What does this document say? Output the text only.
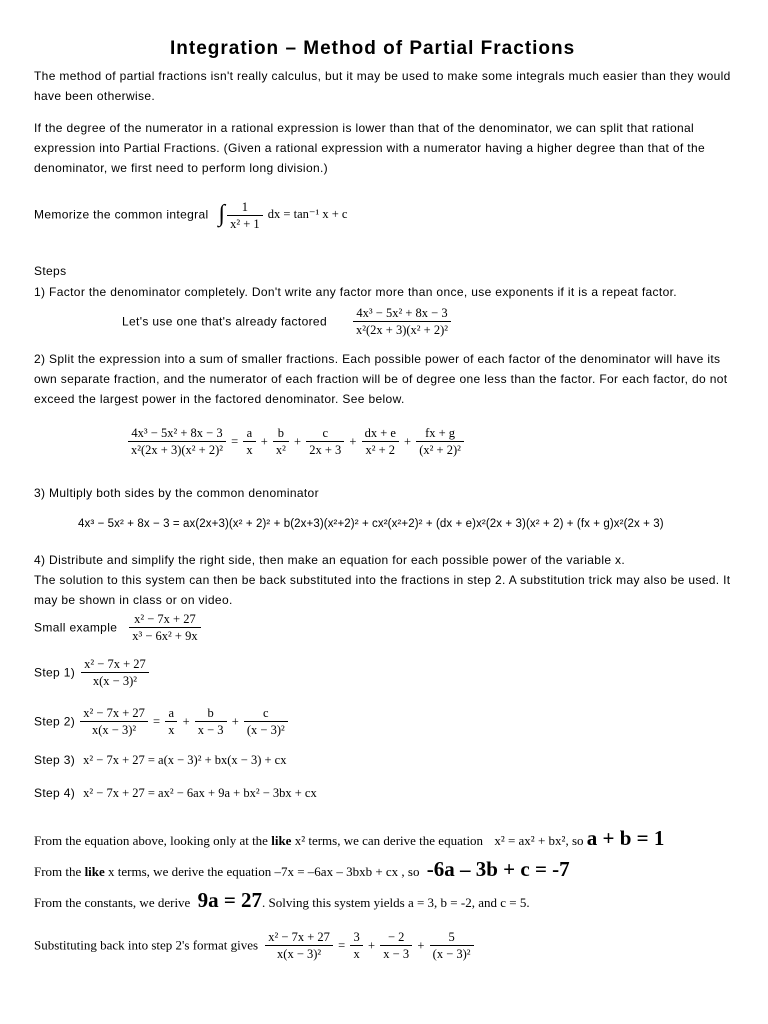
Integration – Method of Partial Fractions
The method of partial fractions isn't really calculus, but it may be used to make some integrals much easier than they would have been otherwise.
If the degree of the numerator in a rational expression is lower than that of the denominator, we can split that rational expression into Partial Fractions. (Given a rational expression with a numerator having a higher degree than that of the denominator, we first need to perform long division.)
Memorize the common integral ∫ $\frac{1}{\text{x² + 1}}$ dx = tan⁻¹ x + c
Steps
1) Factor the denominator completely. Don't write any factor more than once, use exponents if it is a repeat factor.
Let's use one that's already factored $\frac{\text{4x³ − 5x² + 8x − 3}}{\text{x²(2x + 3)(x² + 2)²}}$
2) Split the expression into a sum of smaller fractions. Each possible power of each factor of the denominator will have its own separate fraction, and the numerator of each fraction will be of degree one less than the factor. For each factor, do not exceed the largest power in the factored denominator. See below.
$\frac{\text{4x³ − 5x² + 8x − 3}}{\text{x²(2x + 3)(x² + 2)²}} = \frac{a}{x} + \frac{b}{\text{x²}} + \frac{c}{2x + 3} + \frac{dx + e}{\text{x² + 2}} + \frac{fx + g}{\text{(x² + 2)²}}$
3) Multiply both sides by the common denominator
4x³ − 5x² + 8x − 3 = ax(2x+3)(x² + 2)² + b(2x+3)(x²+2)² + cx²(x²+2)² + (dx + e)x²(2x + 3)(x² + 2) + (fx + g)x²(2x + 3)
4) Distribute and simplify the right side, then make an equation for each possible power of the variable x.
The solution to this system can then be back substituted into the fractions in step 2. A substitution trick may also be used. It may be shown in class or on video.
Small example $\frac{\text{x² − 7x + 27}}{\text{x³ − 6x² + 9x}}$
Step $1) \frac{\text{x² − 7x + 27}}{\text{x(x − 3)²}}$
Step $2) \frac{\text{x² − 7x + 27}}{\text{x(x − 3)²}} = \frac{a}{x} + \frac{b}{x - 3} + \frac{c}{\text{(x − 3)²}}$
Step 3) x² − 7x + 27 = a(x − 3)² + bx(x − 3) + cx
Step 4) x² − 7x + 27 = ax² − 6ax + 9a + bx² − 3bx + cx
From the equation above, looking only at the like x² terms, we can derive the equation x² = ax² + bx², so a + b = 1
From the like x terms, we derive the equation –7x = –6ax – 3bxb + cx , so -6a – 3b + c = -7
From the constants, we derive 9a = 27. Solving this system yields a = 3, b = -2, and c = 5.
Substituting back into step 2's format gives $\frac{\text{x² − 7x + 27}}{\text{x(x − 3)²}} = \frac{3}{x} + \frac{- 2}{x - 3} + \frac{5}{\text{(x − 3)²}}$
